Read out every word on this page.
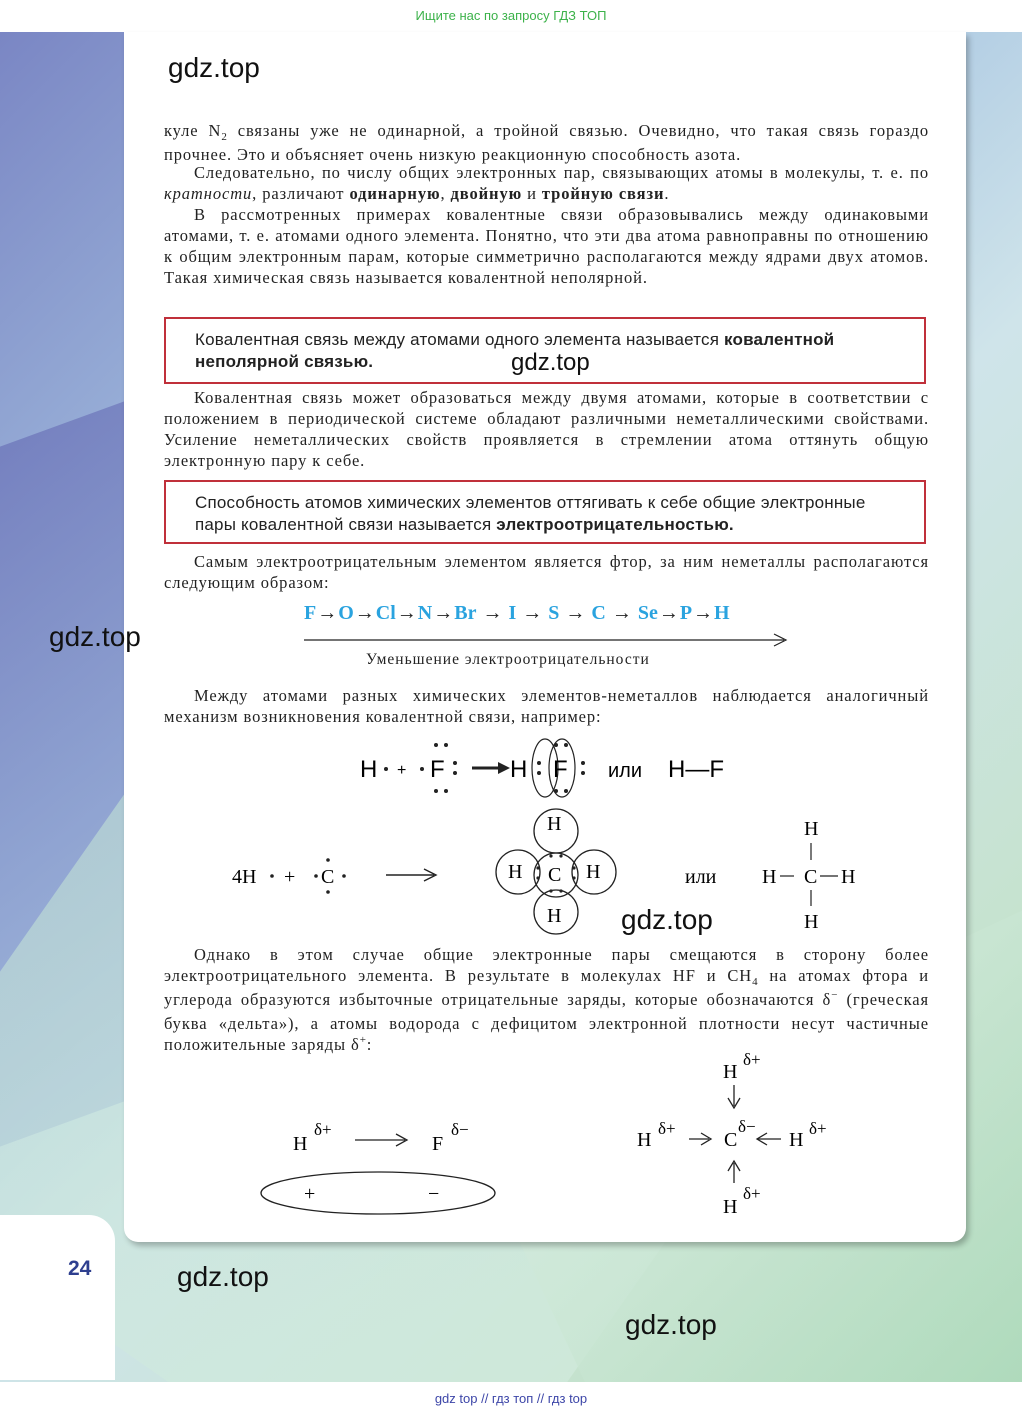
Ищите нас по запросу ГДЗ ТОП
24
gdz.top
gdz.top
gdz.top
gdz.top
gdz.top
gdz.top
куле $N_2$ связаны уже не одинарной, а тройной связью. Очевидно, что такая связь гораздо прочнее. Это и объясняет очень низкую реакционную способность азота.
Следовательно, по числу общих электронных пар, связывающих атомы в молекулы, т. е. по кратности, различают одинарную, двойную и тройную связи.
В рассмотренных примерах ковалентные связи образовывались между одинаковыми атомами, т. е. атомами одного элемента. Понятно, что эти два атома равноправны по отношению к общим электронным парам, которые симметрично располагаются между ядрами двух атомов. Такая химическая связь называется ковалентной неполярной.
Ковалентная связь между атомами одного элемента называется ковалентной неполярной связью.
Ковалентная связь может образоваться между двумя атомами, которые в соответствии с положением в периодической системе обладают различными неметаллическими свойствами. Усиление неметаллических свойств проявляется в стремлении атома оттянуть общую электронную пару к себе.
Способность атомов химических элементов оттягивать к себе общие электронные пары ковалентной связи называется электроотрицательностью.
Самым электроотрицательным элементом является фтор, за ним неметаллы располагаются следующим образом:
F→O→Cl→N→Br → I → S → C → Se→P→H
Уменьшение электроотрицательности
Между атомами разных химических элементов-неметаллов наблюдается аналогичный механизм возникновения ковалентной связи, например:
H + F	H F или H—F
4H + C
H
C
H
H	H	или
H
H C H
H
Однако в этом случае общие электронные пары смещаются в сторону более электроотрицательного элемента. В результате в молекулах HF и $CH_4$ на атомах фтора и углерода образуются избыточные отрицательные заряды, которые обозначаются δ− (греческая буква «дельта»), а атомы водорода с дефицитом электронной плотности несут частичные положительные заряды δ+:
H
δ+
F
δ−
+	−
H
δ+
H
δ+
C
δ−
H
δ+
H
δ+
gdz top // гдз топ // гдз top
